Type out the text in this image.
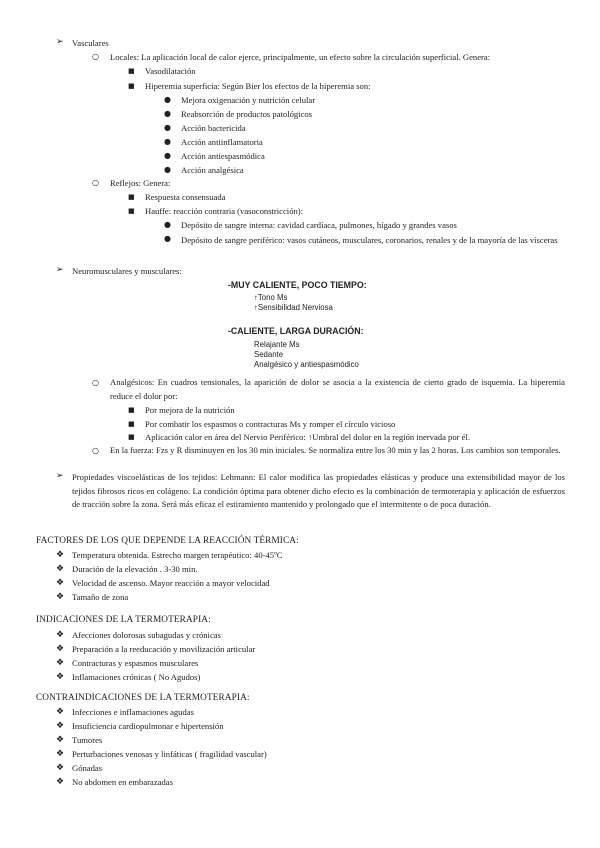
➢ Vasculares
○ Locales: La aplicación local de calor ejerce, principalmente, un efecto sobre la circulación superficial. Genera:
■ Vasodilatación
■ Hiperemia superficia: Según Bier los efectos de la hiperemia son:
● Mejora oxigenación y nutrición celular
● Reabsorción de productos patológicos
● Acción bactericida
● Acción antiinflamatoria
● Acción antiespasmódica
● Acción analgésica
○ Reflejos: Genera:
■ Respuesta consensuada
■ Hauffe: reacción contraria (vasoconstricción):
● Depósito de sangre interna: cavidad cardíaca, pulmones, hígado y grandes vasos
● Depósito de sangre periférico: vasos cutáneos, musculares, coronarios, renales y de la mayoría de las vísceras
➢ Neuromusculares y musculares:
-MUY CALIENTE, POCO TIEMPO:
↑Tono Ms
↑Sensibilidad Nerviosa
-CALIENTE, LARGA DURACIÓN:
Relajante Ms
Sedante
Analgésico y antiespasmódico
○ Analgésicos: En cuadros tensionales, la aparición de dolor se asocia a la existencia de cierto grado de isquemia. La hiperemia reduce el dolor por:
■ Por mejora de la nutrición
■ Por combatir los espasmos o contracturas Ms y romper el círculo vicioso
■ Aplicación calor en área del Nervio Periférico: ↑Umbral del dolor en la región inervada por él.
○ En la fuerza: Fzs y R disminuyen en los 30 min iniciales. Se normaliza entre los 30 min y las 2 horas. Los cambios son temporales.
➢ Propiedades viscoelásticas de los tejidos: Lehmann: El calor modifica las propiedades elásticas y produce una extensibilidad mayor de los tejidos fibrosos ricos en colágeno. La condición óptima para obtener dicho efecto es la combinación de termoterapia y aplicación de esfuerzos de tracción sobre la zona. Será más eficaz el estiramiento mantenido y prolongado que el intermitente o de poca duración.
FACTORES DE LOS QUE DEPENDE LA REACCIÓN TÉRMICA:
❖ Temperatura obtenida. Estrecho margen terapéutico: 40-45ºC
❖ Duración de la elevación . 3-30 min.
❖ Velocidad de ascenso. Mayor reacción a mayor velocidad
❖ Tamaño de zona
INDICACIONES DE LA TERMOTERAPIA:
❖ Afecciones dolorosas subagudas y crónicas
❖ Preparación a la reeducación y movilización articular
❖ Contracturas y espasmos musculares
❖ Inflamaciones crónicas ( No Agudos)
CONTRAINDICACIONES DE LA TERMOTERAPIA:
❖ Infecciones e inflamaciones agudas
❖ Insuficiencia cardiopulmonar e hipertensión
❖ Tumores
❖ Perturbaciones venosas y linfáticas ( fragilidad vascular)
❖ Gónadas
❖ No abdomen en embarazadas
